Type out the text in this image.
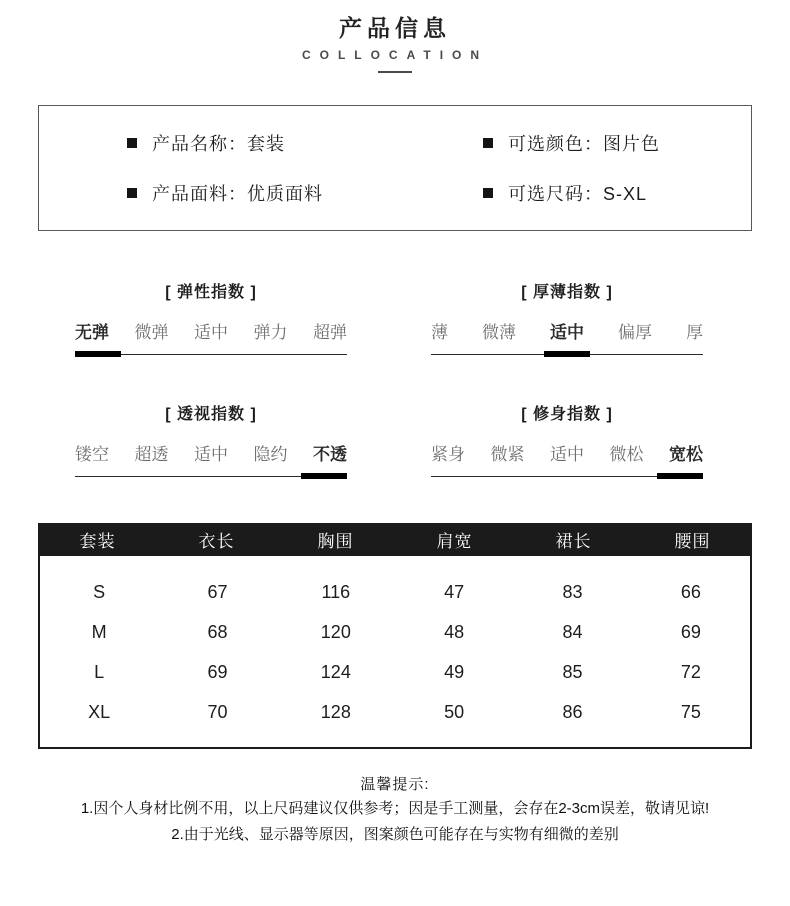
产品信息
COLLOCATION
产品名称：套装
产品面料：优质面料
可选颜色：图片色
可选尺码：S-XL
[ 弹性指数 ]
无弹 微弹 适中 弹力 超弹
[ 厚薄指数 ]
薄 微薄 适中 偏厚 厚
[ 透视指数 ]
镂空 超透 适中 隐约 不透
[ 修身指数 ]
紧身 微紧 适中 微松 宽松
套装	衣长	胸围	肩宽	裙长	腰围
S	67	116	47	83	66
M	68	120	48	84	69
L	69	124	49	85	72
XL	70	128	50	86	75
温馨提示:
1.因个人身材比例不用，以上尺码建议仅供参考；因是手工测量，会存在2-3cm误差，敬请见谅!
2.由于光线、显示器等原因，图案颜色可能存在与实物有细微的差别
